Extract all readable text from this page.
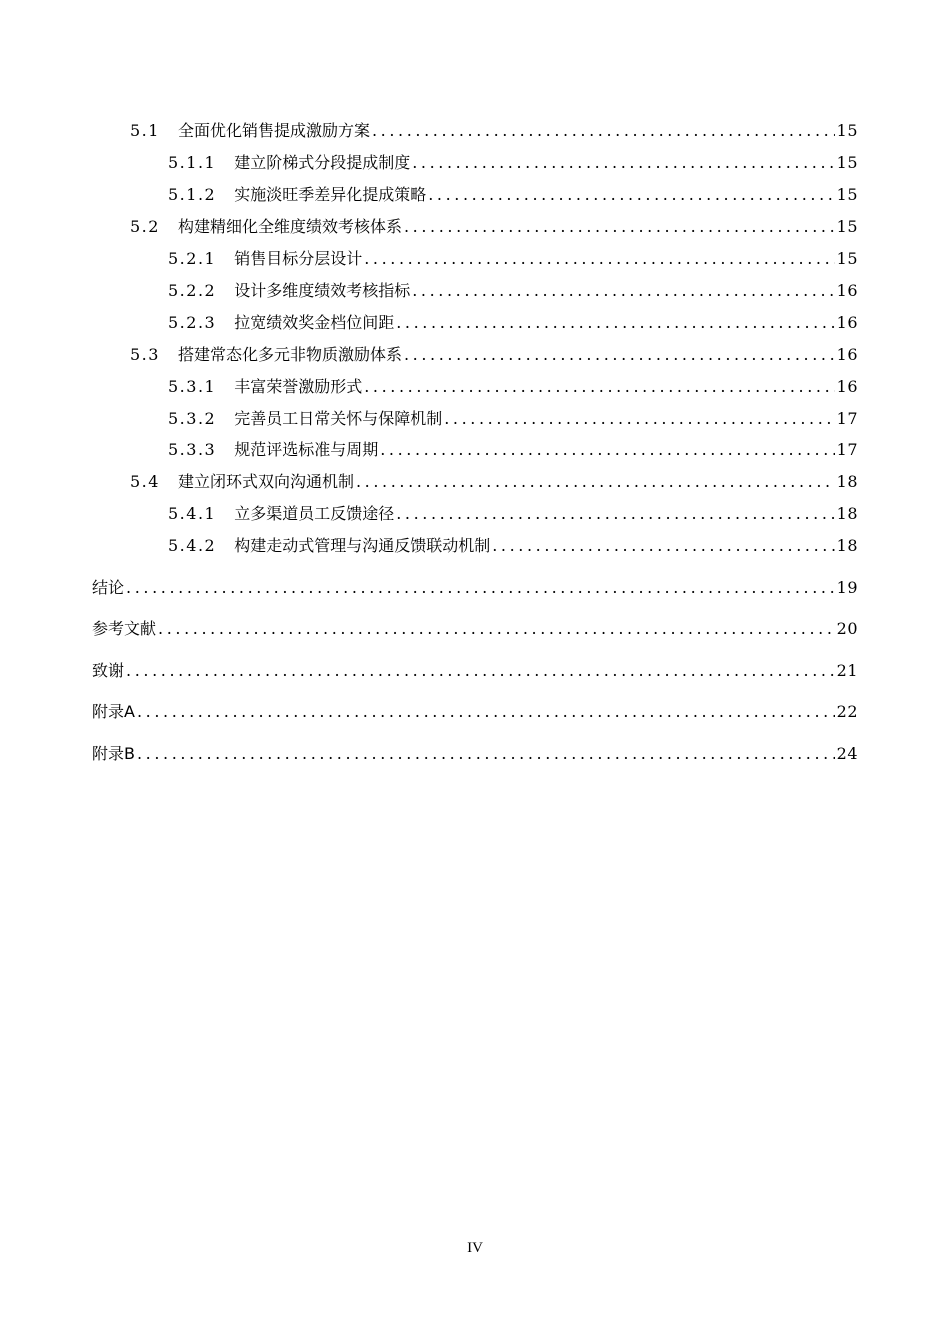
5.1 全面优化销售提成激励方案 .....	15
5.1.1 建立阶梯式分段提成制度 .....	15
5.1.2 实施淡旺季差异化提成策略 .....	15
5.2 构建精细化全维度绩效考核体系 .....	15
5.2.1 销售目标分层设计 .....	15
5.2.2 设计多维度绩效考核指标 .....	16
5.2.3 拉宽绩效奖金档位间距 .....	16
5.3 搭建常态化多元非物质激励体系 .....	16
5.3.1 丰富荣誉激励形式 .....	16
5.3.2 完善员工日常关怀与保障机制 .....	17
5.3.3 规范评选标准与周期 .....	17
5.4 建立闭环式双向沟通机制 .....	18
5.4.1 立多渠道员工反馈途径 .....	18
5.4.2 构建走动式管理与沟通反馈联动机制 .....	18
结论 .....	19
参考文献 .....	20
致谢 .....	21
附录A .....	22
附录B .....	24
IV
